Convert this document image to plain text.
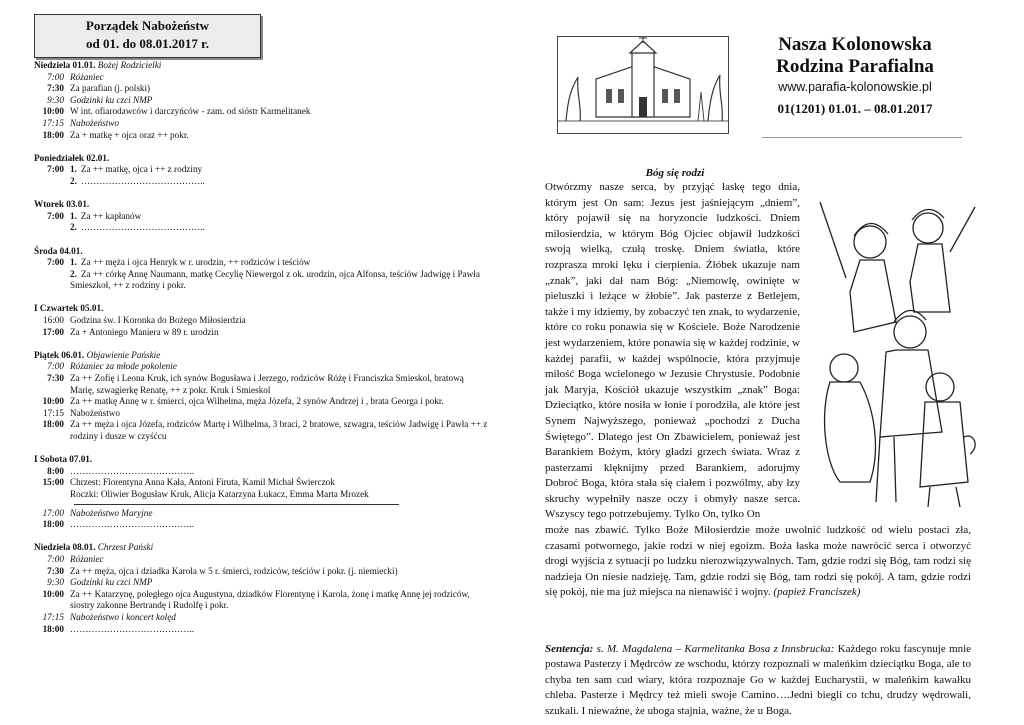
Porządek Nabożeństw
od 01. do 08.01.2017 r.
Niedziela 01.01. Bożej Rodzicielki
7:00 Różaniec
7:30 Za parafian (j. polski)
9:30 Godzinki ku czci NMP
10:00 W int. ofiarodawców i darczyńców - zam. od sióstr Karmelitanek
17:15 Nabożeństwo
18:00 Za + matkę + ojca oraz ++ pokr.
Poniedziałek 02.01.
7:00 1. Za ++ matkę, ojca i ++ z rodziny
2. …………………………………..
Wtorek 03.01.
7:00 1. Za ++ kapłanów
2. …………………………………..
Środa 04.01.
7:00 1. Za ++ męża i ojca Henryk w r. urodzin, ++ rodziców i teściów
2. Za ++ córkę Annę Naumann, matkę Cecylię Niewergol z ok. urodzin, ojca Alfonsa, teściów Jadwigę i Pawła Smieszkoł, ++ z rodziny i pokr.
I Czwartek 05.01.
16:00 Godzina św. I Koronka do Bożego Miłosierdzia
17:00 Za + Antoniego Maniera w 89 r. urodzin
Piątek 06.01. Objawienie Pańskie
7:00 Różaniec za młode pokolenie
7:30 Za ++ Zofię i Leona Kruk, ich synów Bogusława i Jerzego, rodziców Różę i Franciszka Smieskol, bratową Marię, szwagierkę Renatę, ++ z pokr. Kruk i Smieskol
10:00 Za ++ matkę Annę w r. śmierci, ojca Wilhelma, męża Józefa, 2 synów Andrzej i , brata Georga i pokr.
17:15 Nabożeństwo
18:00 Za ++ męża i ojca Józefa, rodziców Martę i Wilhelma, 3 braci, 2 bratowe, szwagra, teściów Jadwigę i Pawła ++ z rodziny i dusze w czyśćcu
I Sobota 07.01.
8:00 …………………………………..
15:00 Chrzest: Florentyna Anna Kała, Antoni Firuta, Kamil Michał Świerczok
Roczki: Oliwier Bogusław Kruk, Alicja Katarzyna Łukacz, Emma Marta Mrozek
17:00 Nabożeństwo Maryjne
18:00 …………………………………..
Niedziela 08.01. Chrzest Pański
7:00 Różaniec
7:30 Za ++ męża, ojca i dziadka Karola w 5 r. śmierci, rodziców, teściów i pokr. (j. niemiecki)
9:30 Godzinki ku czci NMP
10:00 Za ++ Katarzynę, poległego ojca Augustyna, dziadków Florentynę i Karola, żonę i matkę Annę jej rodziców, siostry zakonne Bertrandę i Rudolfę i pokr.
17:15 Nabożeństwo i koncert kolęd
18:00 …………………………………..
Nasza Kolonowska
Rodzina Parafialna
www.parafia-kolonowskie.pl
01(1201) 01.01. – 08.01.2017
Bóg się rodzi
Otwórzmy nasze serca, by przyjąć łaskę tego dnia, którym jest On sam: Jezus jest jaśniejącym „dniem”, który pojawił się na horyzoncie ludzkości. Dniem miłosierdzia, w którym Bóg Ojciec objawił ludzkości swoją wielką, czułą troskę. Dniem światła, które rozpraszа mroki lęku i cierpienia. Żłóbek ukazuje nam „znak”, jaki dał nam Bóg: „Niemowlę, owinięte w pieluszki i leżące w żłobie”. Jak pasterze z Betlejem, także i my idziemy, by zobaczyć ten znak, to wydarzenie, które co roku ponawia się w Kościele. Boże Narodzenie jest wydarzeniem, które ponawia się w każdej rodzinie, w każdej parafii, w każdej wspólnocie, która przyjmuje miłość Boga wcielonego w Jezusie Chrystusie. Podobnie jak Maryja, Kościół ukazuje wszystkim „znak” Boga: Dzieciątko, które nosiła w łonie i porodziła, ale które jest Synem Najwyższego, ponieważ „pochodzi z Ducha Świętego”. Dlatego jest On Zbawicielem, ponieważ jest Barankiem Bożym, który gładzi grzech świata. Wraz z pasterzami klęknijmy przed Barankiem, adorujmy Dobroć Boga, która stała się ciałem i pozwólmy, aby łzy skruchy wypełniły nasze oczy i obmyły nasze serca. Wszyscy tego potrzebujemy. Tylko On, tylko On
może nas zbawić. Tylko Boże Miłosierdzie może uwolnić ludzkość od wielu postaci zła, czasami potwornego, jakie rodzi w niej egoizm. Boża łaska może nawrócić serca i otworzyć drogi wyjścia z sytuacji po ludzku nierozwiązywalnych. Tam, gdzie rodzi się Bóg, tam rodzi się nadzieja On niesie nadzieję. Tam, gdzie rodzi się Bóg, tam rodzi się pokój. A tam, gdzie rodzi się pokój, nie ma już miejsca na nienawiść i wojny. (papież Franciszek)
Sentencja: s. M. Magdalena – Karmelitanka Bosa z Innsbrucka: Każdego roku fascynuje mnie postawa Pasterzy i Mędrców ze wschodu, którzy rozpoznali w maleńkim dzieciątku Boga, ale to chyba ten sam cud wiary, która rozpoznaje Go w każdej Eucharystii, w maleńkim kawałku chleba. Pasterze i Mędrcy też mieli swoje Camino….Jedni biegli co tchu, drudzy wędrowali, szukali. I nieważne, że uboga stajnia, ważne, że u Boga.
